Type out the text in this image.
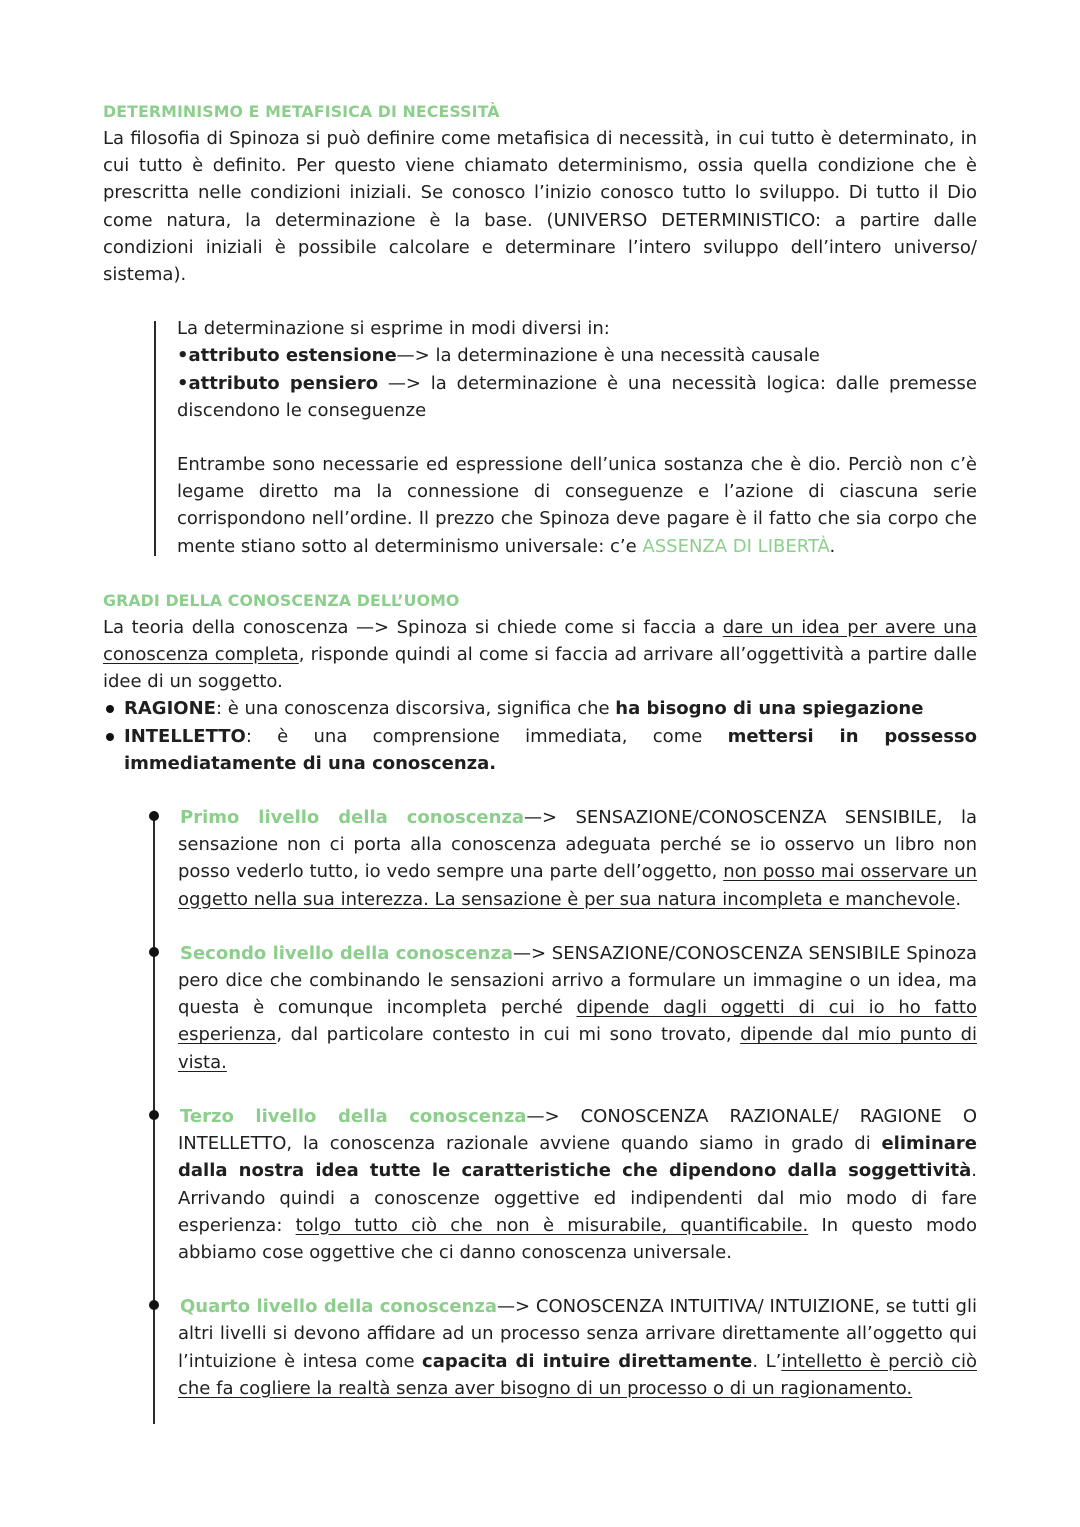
DETERMINISMO E METAFISICA DI NECESSITÀ

La filosofia di Spinoza si può definire come metafisica di necessità, in cui tutto è determinato, in cui tutto è definito. Per questo viene chiamato determinismo, ossia quella condizione che è prescritta nelle condizioni iniziali. Se conosco l’inizio conosco tutto lo sviluppo. Di tutto il Dio come natura, la determinazione è la base. (UNIVERSO DETERMINISTICO: a partire dalle condizioni iniziali è possibile calcolare e determinare l’intero sviluppo dell’intero universo/ sistema).

La determinazione si esprime in modi diversi in:

•attributo estensione—> la determinazione è una necessità causale

•attributo pensiero —> la determinazione è una necessità logica: dalle premesse discendono le conseguenze

Entrambe sono necessarie ed espressione dell’unica sostanza che è dio. Perciò non c’è legame diretto ma la connessione di conseguenze e l’azione di ciascuna serie corrispondono nell’ordine. Il prezzo che Spinoza deve pagare è il fatto che sia corpo che mente stiano sotto al determinismo universale: c’e ASSENZA DI LIBERTÀ.

GRADI DELLA CONOSCENZA DELL’UOMO

La teoria della conoscenza —> Spinoza si chiede come si faccia a dare un idea per avere una conoscenza completa, risponde quindi al come si faccia ad arrivare all’oggettività a partire dalle idee di un soggetto.

RAGIONE: è una conoscenza discorsiva, significa che ha bisogno di una spiegazione
INTELLETTO: è una comprensione immediata, come mettersi in possesso immediatamente di una conoscenza.

Primo livello della conoscenza—> SENSAZIONE/CONOSCENZA SENSIBILE, la sensazione non ci porta alla conoscenza adeguata perché se io osservo un libro non posso vederlo tutto, io vedo sempre una parte dell’oggetto, non posso mai osservare un oggetto nella sua interezza. La sensazione è per sua natura incompleta e manchevole.

Secondo livello della conoscenza—> SENSAZIONE/CONOSCENZA SENSIBILE Spinoza pero dice che combinando le sensazioni arrivo a formulare un immagine o un idea, ma questa è comunque incompleta perché dipende dagli oggetti di cui io ho fatto esperienza, dal particolare contesto in cui mi sono trovato, dipende dal mio punto di vista.

Terzo livello della conoscenza—> CONOSCENZA RAZIONALE/ RAGIONE O INTELLETTO, la conoscenza razionale avviene quando siamo in grado di eliminare dalla nostra idea tutte le caratteristiche che dipendono dalla soggettività. Arrivando quindi a conoscenze oggettive ed indipendenti dal mio modo di fare esperienza: tolgo tutto ciò che non è misurabile, quantificabile. In questo modo abbiamo cose oggettive che ci danno conoscenza universale.

Quarto livello della conoscenza—> CONOSCENZA INTUITIVA/ INTUIZIONE, se tutti gli altri livelli si devono affidare ad un processo senza arrivare direttamente all’oggetto qui l’intuizione è intesa come capacita di intuire direttamente. L’intelletto è perciò ciò che fa cogliere la realtà senza aver bisogno di un processo o di un ragionamento.
